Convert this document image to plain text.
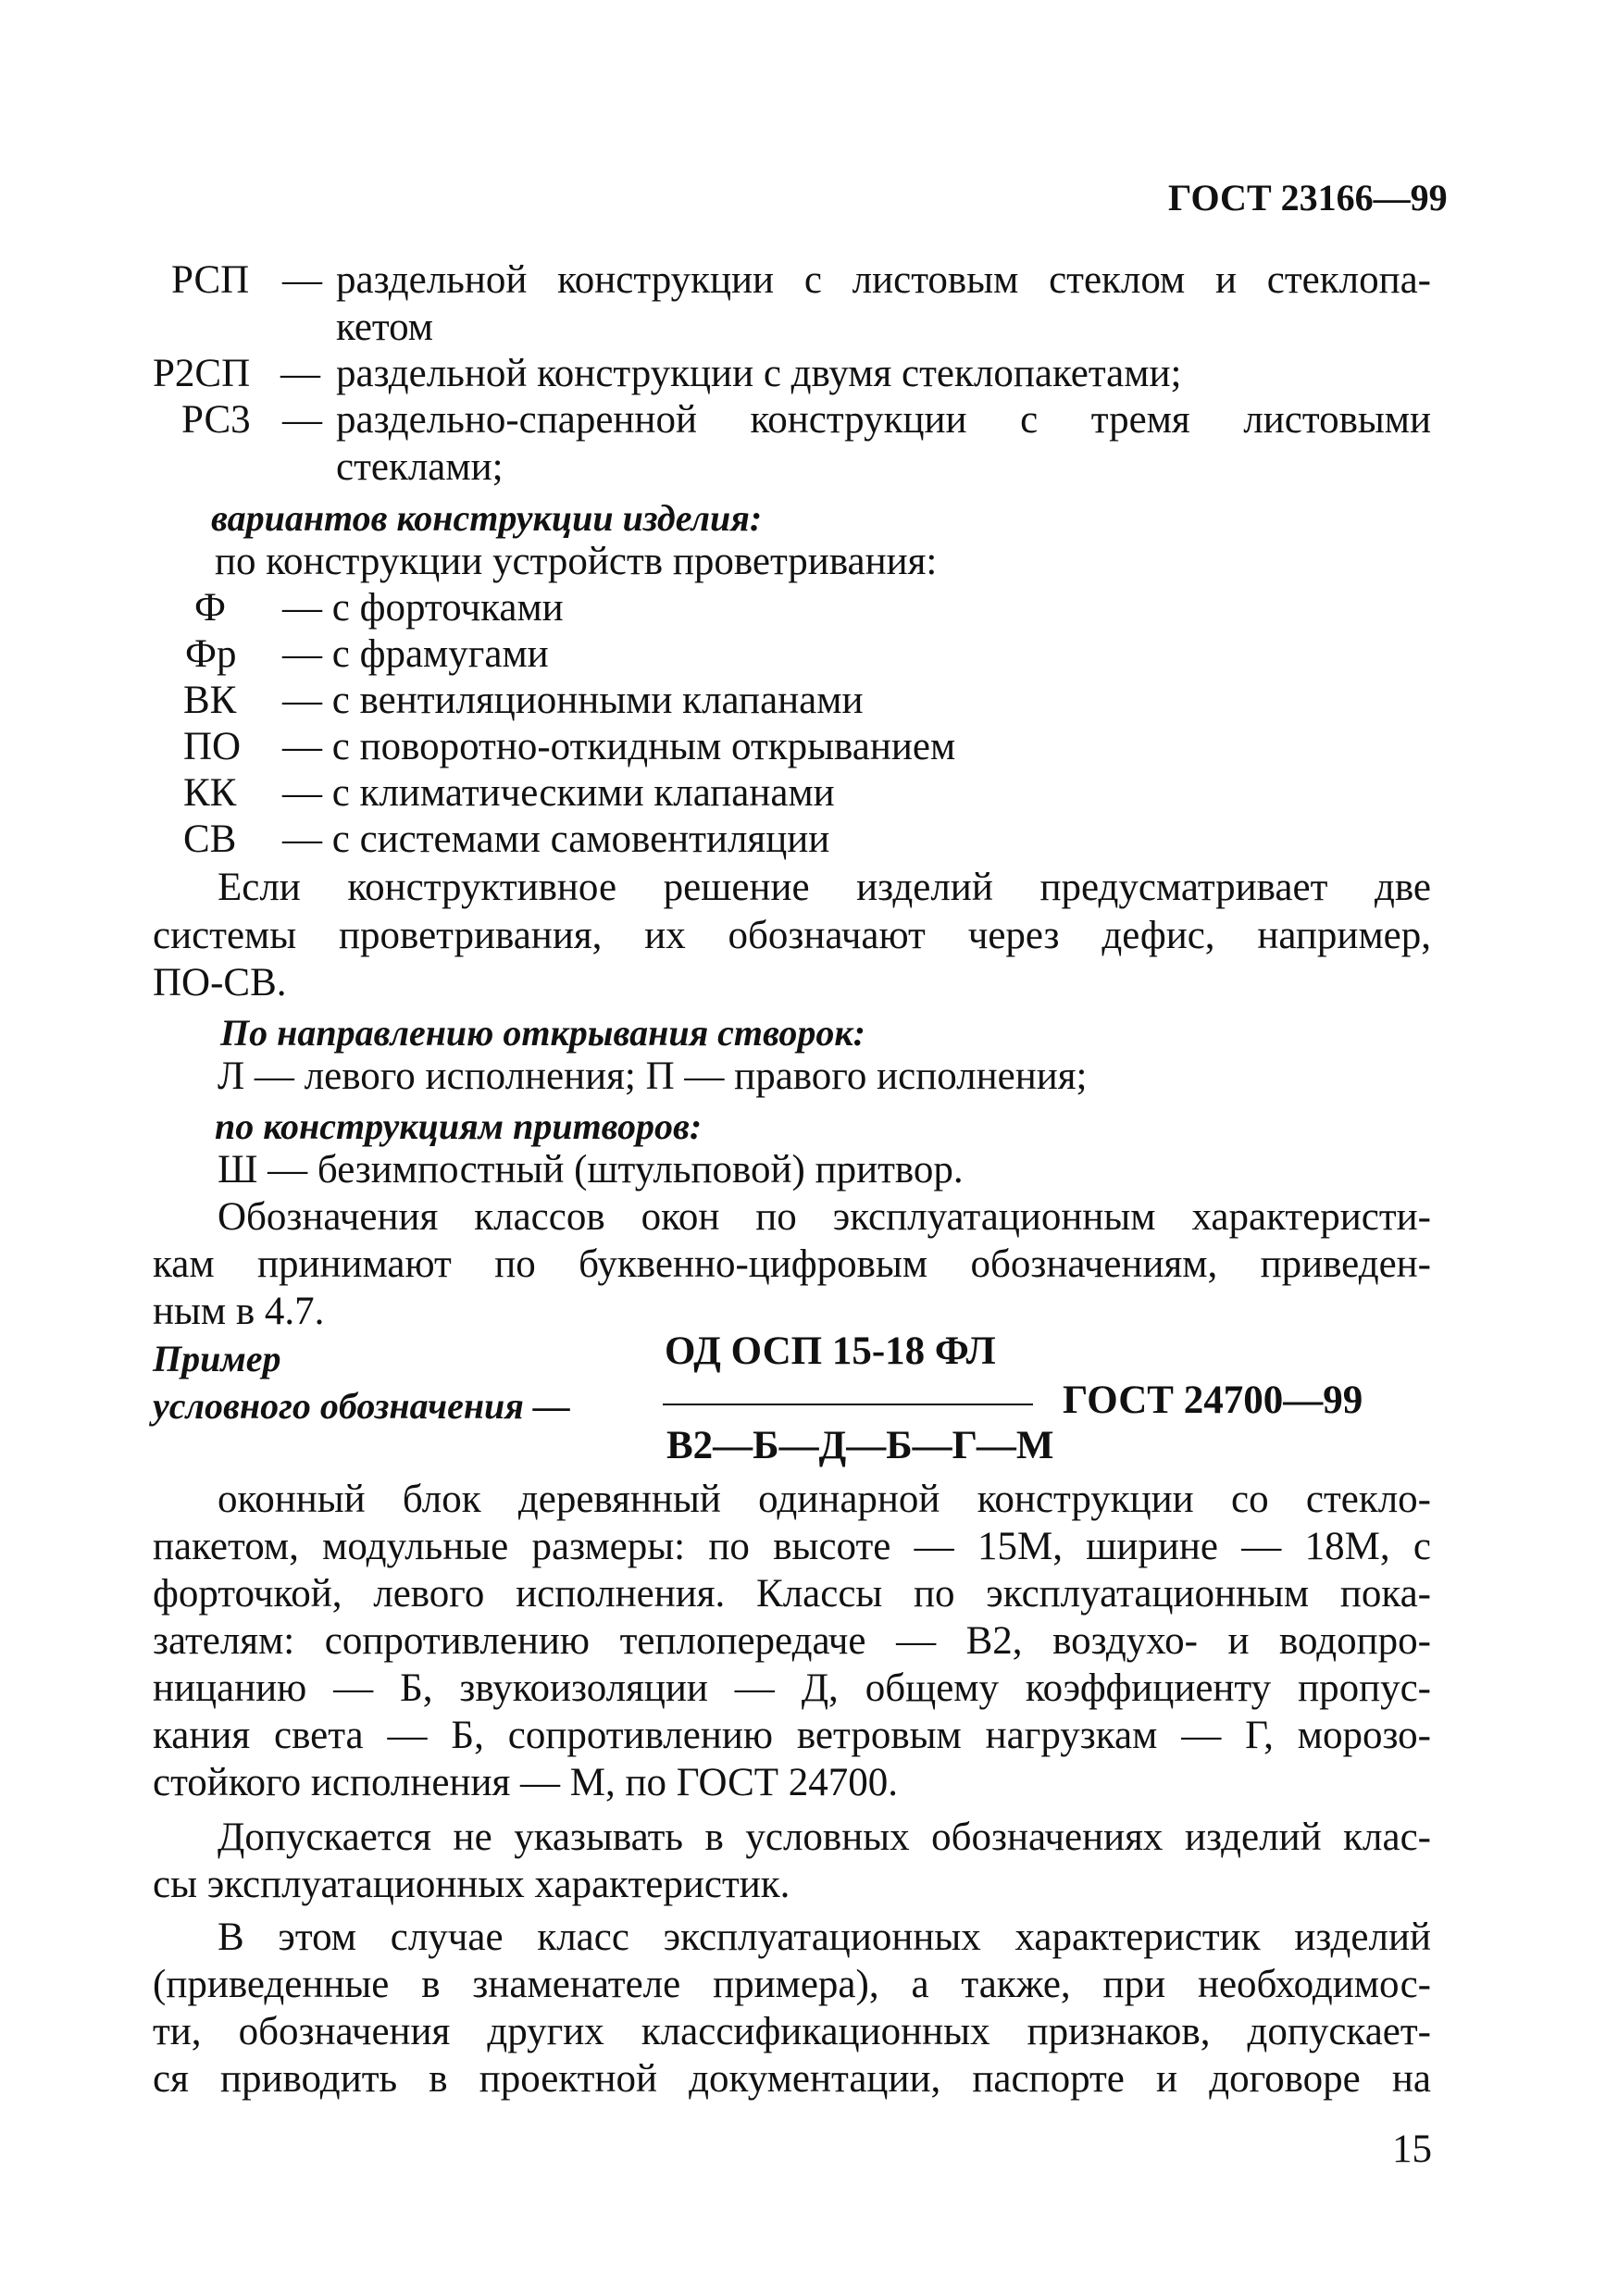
ГОСТ 23166—99
РСП — раздельной конструкции с листовым стеклом и стеклопа-
кетом
Р2СП — раздельной конструкции с двумя стеклопакетами;
РС3 — раздельно-спаренной конструкции с тремя листовыми
стеклами;
вариантов конструкции изделия:
по конструкции устройств проветривания:
Ф — с форточками
Фр — с фрамугами
ВК — с вентиляционными клапанами
ПО — с поворотно-откидным открыванием
КК — с климатическими клапанами
СВ — с системами самовентиляции
Если конструктивное решение изделий предусматривает две
системы проветривания, их обозначают через дефис, например,
ПО-СВ.
По направлению открывания створок:
Л — левого исполнения; П — правого исполнения;
по конструкциям притворов:
Ш — безимпостный (штульповой) притвор.
Обозначения классов окон по эксплуатационным характеристи-
кам принимают по буквенно-цифровым обозначениям, приведен-
ным в 4.7.
Пример
условного обозначения —
ОД ОСП 15-18 ФЛ
ГОСТ 24700—99
В2—Б—Д—Б—Г—М
оконный блок деревянный одинарной конструкции со стекло-
пакетом, модульные размеры: по высоте — 15М, ширине — 18М, с
форточкой, левого исполнения. Классы по эксплуатационным пока-
зателям: сопротивлению теплопередаче — В2, воздухо- и водопро-
ницанию — Б, звукоизоляции — Д, общему коэффициенту пропус-
кания света — Б, сопротивлению ветровым нагрузкам — Г, морозо-
стойкого исполнения — М, по ГОСТ 24700.
Допускается не указывать в условных обозначениях изделий клас-
сы эксплуатационных характеристик.
В этом случае класс эксплуатационных характеристик изделий
(приведенные в знаменателе примера), а также, при необходимос-
ти, обозначения других классификационных признаков, допускает-
ся приводить в проектной документации, паспорте и договоре на
15
